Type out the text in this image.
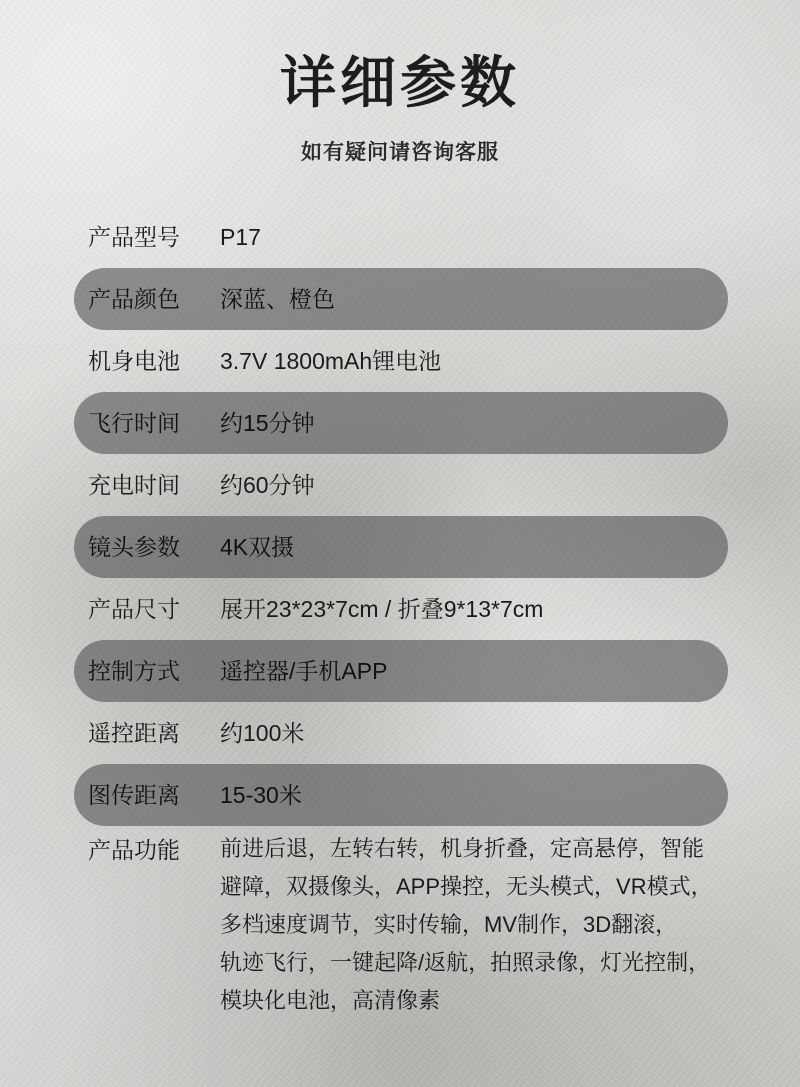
详细参数
如有疑问请咨询客服
产品型号	P17
产品颜色	深蓝、橙色
机身电池	3.7V 1800mAh锂电池
飞行时间	约15分钟
充电时间	约60分钟
镜头参数	4K双摄
产品尺寸	展开23*23*7cm / 折叠9*13*7cm
控制方式	遥控器/手机APP
遥控距离	约100米
图传距离	15-30米
产品功能	前进后退，左转右转，机身折叠，定高悬停，智能
避障，双摄像头，APP操控，无头模式，VR模式，
多档速度调节，实时传输，MV制作，3D翻滚，
轨迹飞行，一键起降/返航，拍照录像，灯光控制，
模块化电池，高清像素
